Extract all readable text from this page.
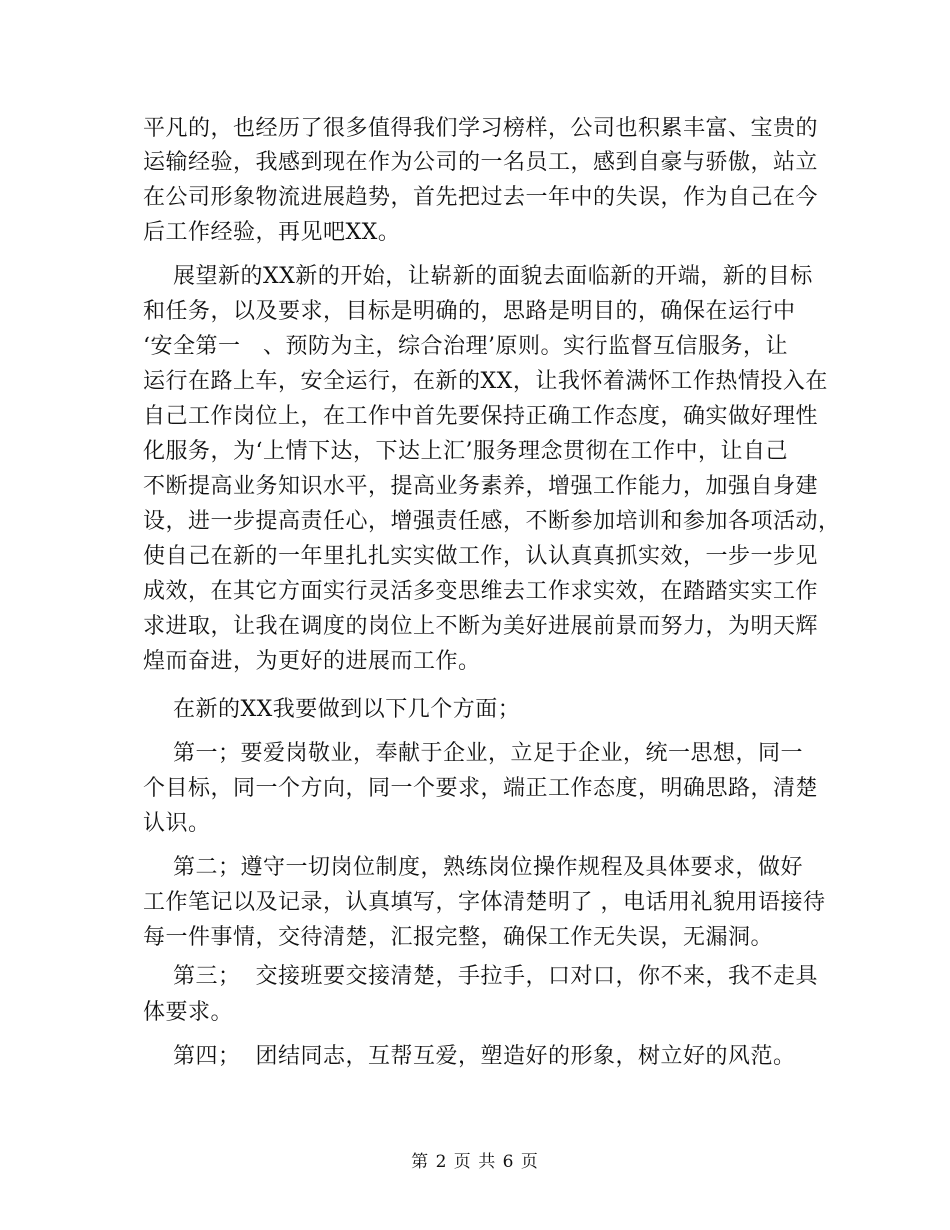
平凡的，也经历了很多值得我们学习榜样，公司也积累丰富、宝贵的
运输经验，我感到现在作为公司的一名员工，感到自豪与骄傲，站立
在公司形象物流进展趋势，首先把过去一年中的失误，作为自己在今
后工作经验，再见吧XX。
展望新的XX新的开始，让崭新的面貌去面临新的开端，新的目标
和任务，以及要求，目标是明确的，思路是明目的，确保在运行中
‘安全第一　、预防为主，综合治理’原则。实行监督互信服务，让
运行在路上车，安全运行，在新的XX，让我怀着满怀工作热情投入在
自己工作岗位上，在工作中首先要保持正确工作态度，确实做好理性
化服务，为‘上情下达，下达上汇’服务理念贯彻在工作中，让自己
不断提高业务知识水平，提高业务素养，增强工作能力，加强自身建
设，进一步提高责任心，增强责任感，不断参加培训和参加各项活动，
使自己在新的一年里扎扎实实做工作，认认真真抓实效，一步一步见
成效，在其它方面实行灵活多变思维去工作求实效，在踏踏实实工作
求进取，让我在调度的岗位上不断为美好进展前景而努力，为明天辉
煌而奋进，为更好的进展而工作。
在新的XX我要做到以下几个方面；
第一；要爱岗敬业，奉献于企业，立足于企业，统一思想，同一
个目标，同一个方向，同一个要求，端正工作态度，明确思路，清楚
认识。
第二；遵守一切岗位制度，熟练岗位操作规程及具体要求，做好
工作笔记以及记录，认真填写，字体清楚明了 ，电话用礼貌用语接待
每一件事情，交待清楚，汇报完整，确保工作无失误，无漏洞。
第三；  交接班要交接清楚，手拉手，口对口，你不来，我不走具
体要求。
第四；  团结同志，互帮互爱，塑造好的形象，树立好的风范。
第 2 页 共 6 页
